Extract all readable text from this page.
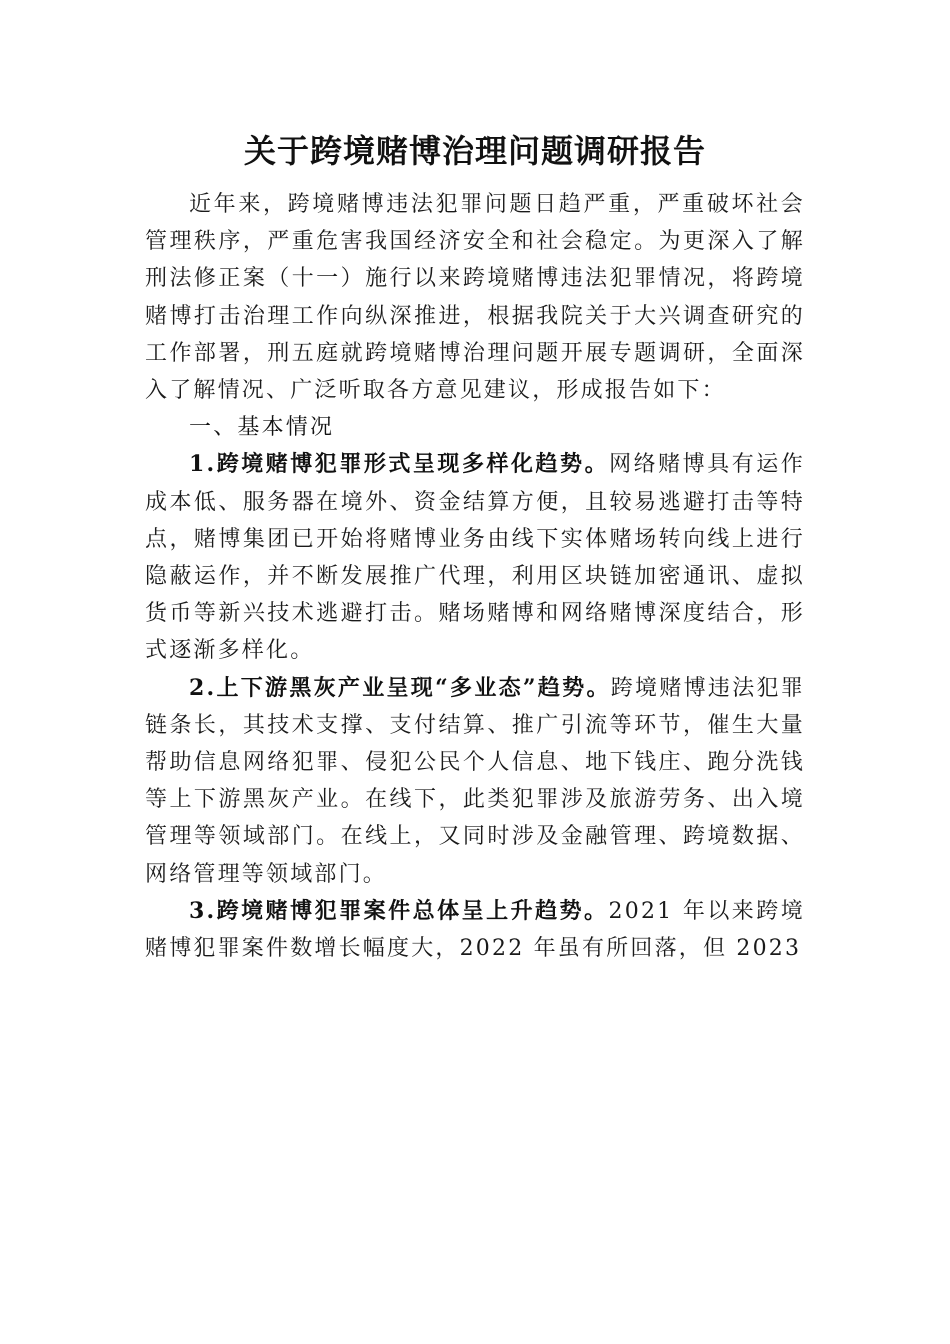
关于跨境赌博治理问题调研报告

近年来，跨境赌博违法犯罪问题日趋严重，严重破坏社会管理秩序，严重危害我国经济安全和社会稳定。为更深入了解刑法修正案（十一）施行以来跨境赌博违法犯罪情况，将跨境赌博打击治理工作向纵深推进，根据我院关于大兴调查研究的工作部署，刑五庭就跨境赌博治理问题开展专题调研，全面深入了解情况、广泛听取各方意见建议，形成报告如下：

一、基本情况

1.跨境赌博犯罪形式呈现多样化趋势。网络赌博具有运作成本低、服务器在境外、资金结算方便，且较易逃避打击等特点，赌博集团已开始将赌博业务由线下实体赌场转向线上进行隐蔽运作，并不断发展推广代理，利用区块链加密通讯、虚拟货币等新兴技术逃避打击。赌场赌博和网络赌博深度结合，形式逐渐多样化。

2.上下游黑灰产业呈现“多业态”趋势。跨境赌博违法犯罪链条长，其技术支撑、支付结算、推广引流等环节，催生大量帮助信息网络犯罪、侵犯公民个人信息、地下钱庄、跑分洗钱等上下游黑灰产业。在线下，此类犯罪涉及旅游劳务、出入境管理等领域部门。在线上，又同时涉及金融管理、跨境数据、网络管理等领域部门。

3.跨境赌博犯罪案件总体呈上升趋势。2021 年以来跨境赌博犯罪案件数增长幅度大，2022 年虽有所回落，但 2023
